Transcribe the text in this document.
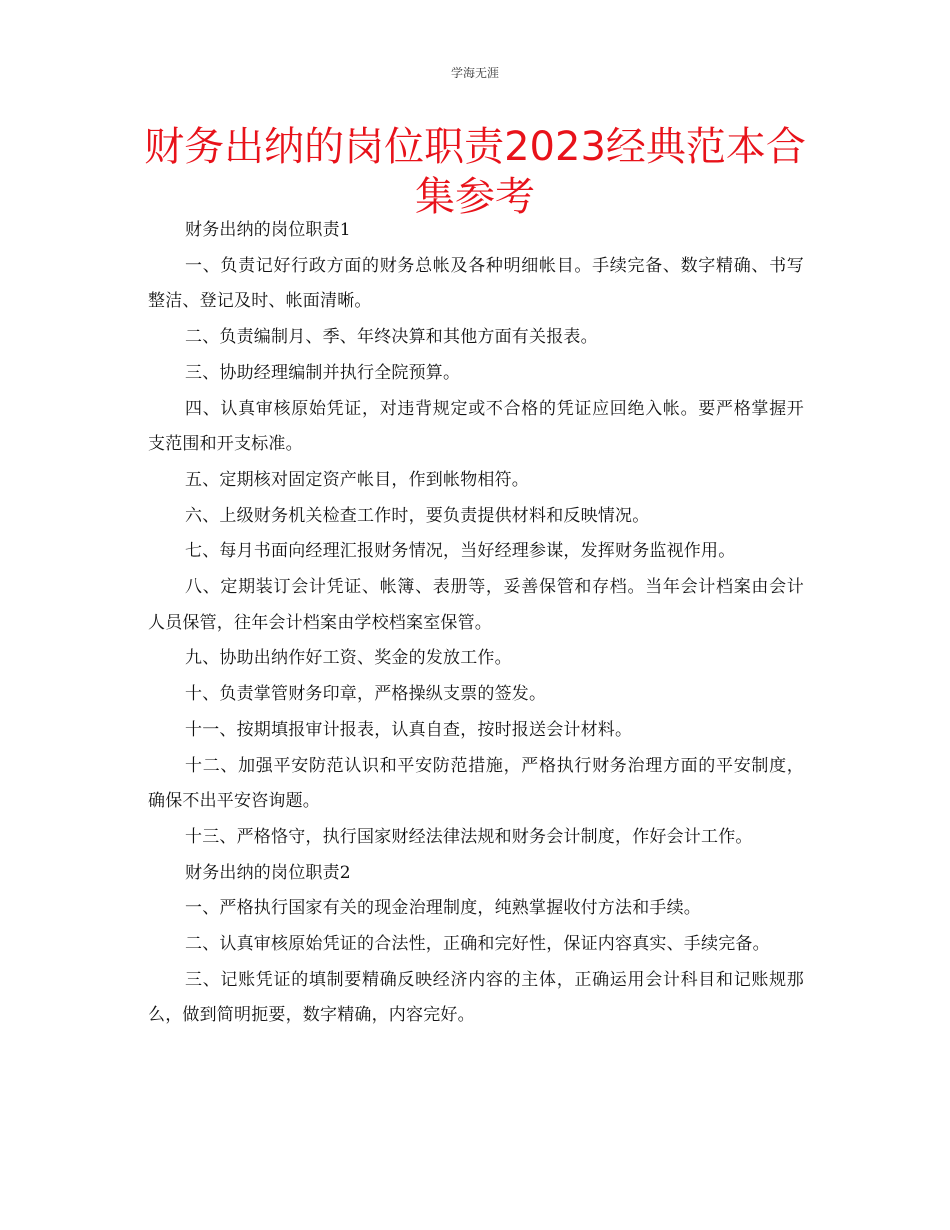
学海无涯
财务出纳的岗位职责2023经典范本合集参考

财务出纳的岗位职责1

一、负责记好行政方面的财务总帐及各种明细帐目。手续完备、数字精确、书写整洁、登记及时、帐面清晰。

二、负责编制月、季、年终决算和其他方面有关报表。

三、协助经理编制并执行全院预算。

四、认真审核原始凭证，对违背规定或不合格的凭证应回绝入帐。要严格掌握开支范围和开支标准。

五、定期核对固定资产帐目，作到帐物相符。

六、上级财务机关检查工作时，要负责提供材料和反映情况。

七、每月书面向经理汇报财务情况，当好经理参谋，发挥财务监视作用。

八、定期装订会计凭证、帐簿、表册等，妥善保管和存档。当年会计档案由会计人员保管，往年会计档案由学校档案室保管。

九、协助出纳作好工资、奖金的发放工作。

十、负责掌管财务印章，严格操纵支票的签发。

十一、按期填报审计报表，认真自查，按时报送会计材料。

十二、加强平安防范认识和平安防范措施，严格执行财务治理方面的平安制度，确保不出平安咨询题。

十三、严格恪守，执行国家财经法律法规和财务会计制度，作好会计工作。

财务出纳的岗位职责2

一、严格执行国家有关的现金治理制度，纯熟掌握收付方法和手续。

二、认真审核原始凭证的合法性，正确和完好性，保证内容真实、手续完备。

三、记账凭证的填制要精确反映经济内容的主体，正确运用会计科目和记账规那么，做到简明扼要，数字精确，内容完好。
